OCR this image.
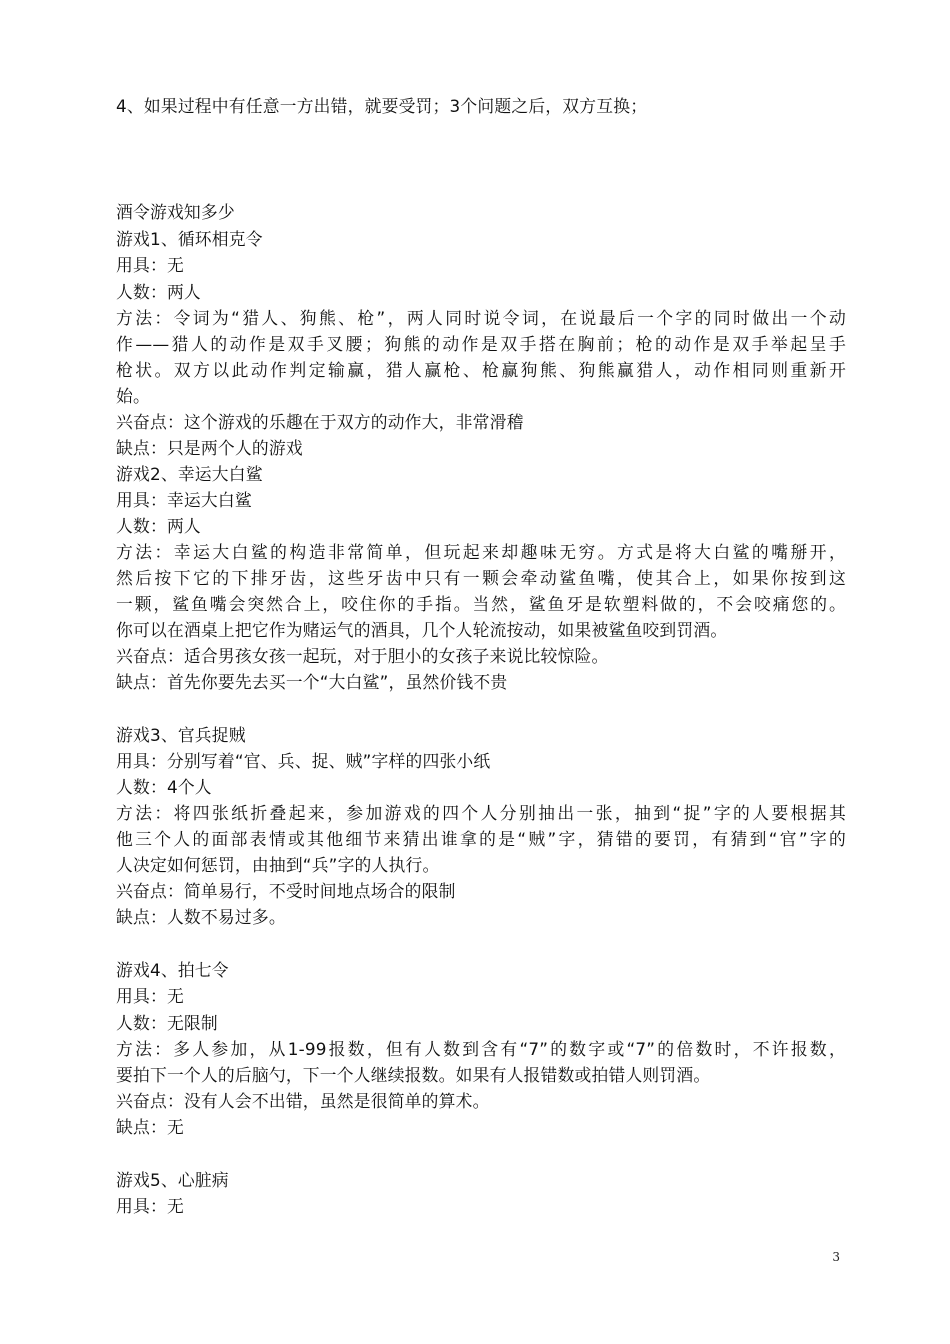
4、如果过程中有任意一方出错，就要受罚；3个问题之后，双方互换；
酒令游戏知多少
游戏1、循环相克令
用具：无
人数：两人
方法：令词为“猎人、狗熊、枪”，两人同时说令词，在说最后一个字的同时做出一个动
作——猎人的动作是双手叉腰；狗熊的动作是双手搭在胸前；枪的动作是双手举起呈手
枪状。双方以此动作判定输赢，猎人赢枪、枪赢狗熊、狗熊赢猎人，动作相同则重新开
始。
兴奋点：这个游戏的乐趣在于双方的动作大，非常滑稽
缺点：只是两个人的游戏
游戏2、幸运大白鲨
用具：幸运大白鲨
人数：两人
方法：幸运大白鲨的构造非常简单，但玩起来却趣味无穷。方式是将大白鲨的嘴掰开，
然后按下它的下排牙齿，这些牙齿中只有一颗会牵动鲨鱼嘴，使其合上，如果你按到这
一颗，鲨鱼嘴会突然合上，咬住你的手指。当然，鲨鱼牙是软塑料做的，不会咬痛您的。
你可以在酒桌上把它作为赌运气的酒具，几个人轮流按动，如果被鲨鱼咬到罚酒。
兴奋点：适合男孩女孩一起玩，对于胆小的女孩子来说比较惊险。
缺点：首先你要先去买一个“大白鲨”，虽然价钱不贵
游戏3、官兵捉贼
用具：分别写着“官、兵、捉、贼”字样的四张小纸
人数：4个人
方法：将四张纸折叠起来，参加游戏的四个人分别抽出一张，抽到“捉”字的人要根据其
他三个人的面部表情或其他细节来猜出谁拿的是“贼”字，猜错的要罚，有猜到“官”字的
人决定如何惩罚，由抽到“兵”字的人执行。
兴奋点：简单易行，不受时间地点场合的限制
缺点：人数不易过多。
游戏4、拍七令
用具：无
人数：无限制
方法：多人参加，从1-99报数，但有人数到含有“7”的数字或“7”的倍数时，不许报数，
要拍下一个人的后脑勺，下一个人继续报数。如果有人报错数或拍错人则罚酒。
兴奋点：没有人会不出错，虽然是很简单的算术。
缺点：无
游戏5、心脏病
用具：无
3
